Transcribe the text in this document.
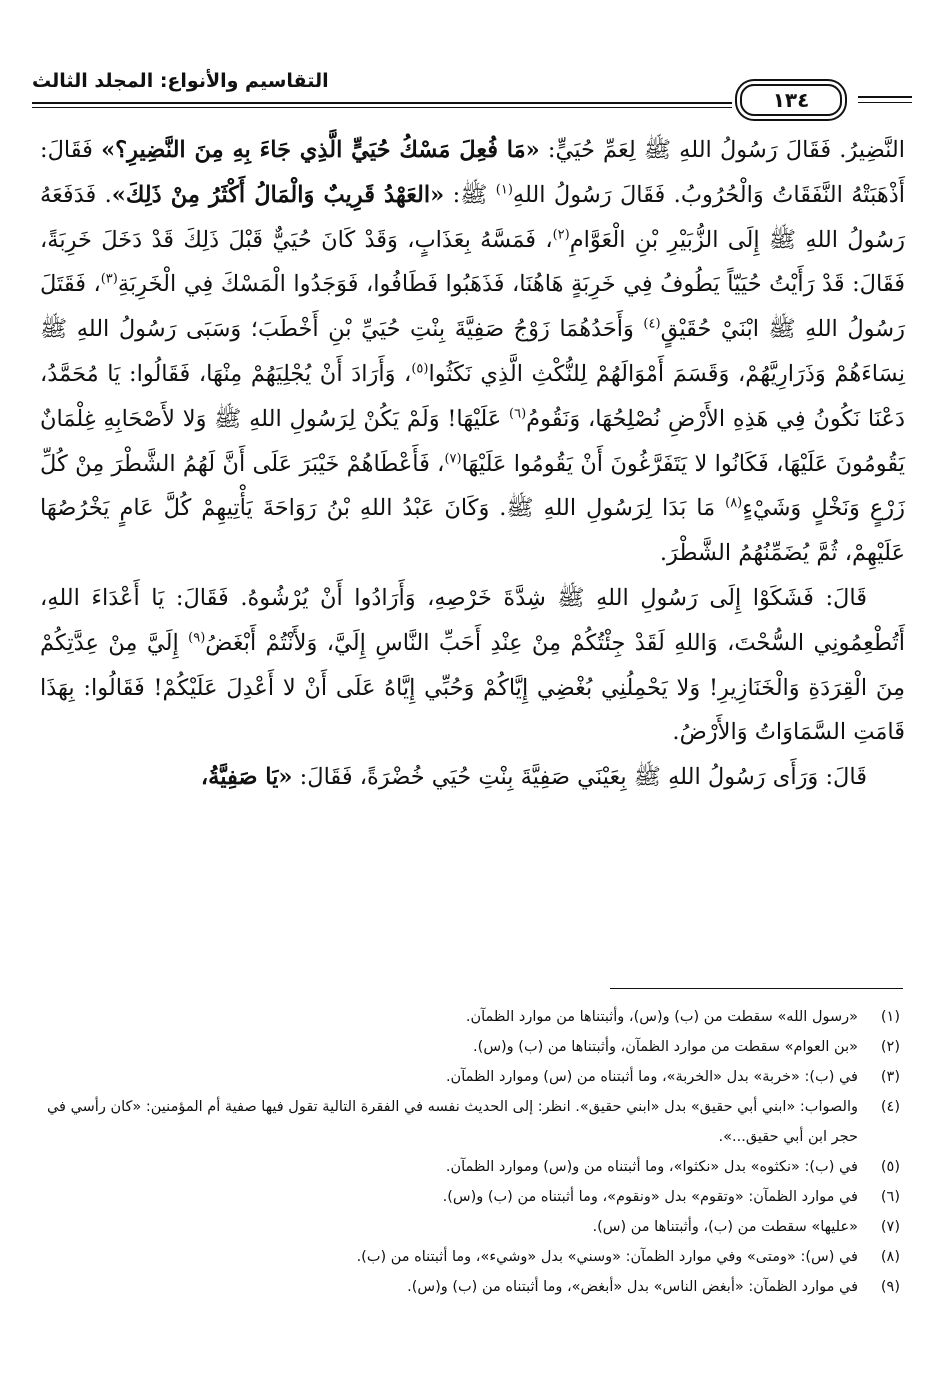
التقاسيم والأنواع: المجلد الثالث
١٣٤

النَّضِيرُ. فَقَالَ رَسُولُ اللهِ ﷺ لِعَمِّ حُيَيٍّ: «مَا فُعِلَ مَسْكُ حُيَيٍّ الَّذِي جَاءَ بِهِ مِنَ النَّضِيرِ؟» فَقَالَ: أَذْهَبَتْهُ النَّفَقَاتُ وَالْحُرُوبُ. فَقَالَ رَسُولُ اللهِ$^{(١)}$ ﷺ: «العَهْدُ قَرِيبٌ وَالْمَالُ أَكْثَرُ مِنْ ذَلِكَ». فَدَفَعَهُ رَسُولُ اللهِ ﷺ إِلَى الزُّبَيْرِ بْنِ الْعَوَّامِ$^{(٢)}$، فَمَسَّهُ بِعَذَابٍ، وَقَدْ كَانَ حُيَيٌّ قَبْلَ ذَلِكَ قَدْ دَخَلَ خَرِبَةً، فَقَالَ: قَدْ رَأَيْتُ حُيَيّاً يَطُوفُ فِي خَرِبَةٍ هَاهُنَا، فَذَهَبُوا فَطَافُوا، فَوَجَدُوا الْمَسْكَ فِي الْخَرِبَةِ$^{(٣)}$، فَقَتَلَ رَسُولُ اللهِ ﷺ ابْنَيْ حُقَيْقٍ$^{(٤)}$ وَأَحَدُهُمَا زَوْجُ صَفِيَّةَ بِنْتِ حُيَيِّ بْنِ أَخْطَبَ؛ وَسَبَى رَسُولُ اللهِ ﷺ نِسَاءَهُمْ وَذَرَارِيَّهُمْ، وَقَسَمَ أَمْوَالَهُمْ لِلنُّكْثِ الَّذِي نَكَثُوا$^{(٥)}$، وَأَرَادَ أَنْ يُجْلِيَهُمْ مِنْهَا، فَقَالُوا: يَا مُحَمَّدُ، دَعْنَا نَكُونُ فِي هَذِهِ الأَرْضِ نُصْلِحُهَا، وَنَقُومُ$^{(٦)}$ عَلَيْهَا! وَلَمْ يَكُنْ لِرَسُولِ اللهِ ﷺ وَلا لأَصْحَابِهِ غِلْمَانٌ يَقُومُونَ عَلَيْهَا، فَكَانُوا لا يَتَفَرَّغُونَ أَنْ يَقُومُوا عَلَيْهَا$^{(٧)}$، فَأَعْطَاهُمْ خَيْبَرَ عَلَى أَنَّ لَهُمُ الشَّطْرَ مِنْ كُلِّ زَرْعٍ وَنَخْلٍ وَشَيْءٍ$^{(٨)}$ مَا بَدَا لِرَسُولِ اللهِ ﷺ. وَكَانَ عَبْدُ اللهِ بْنُ رَوَاحَةَ يَأْتِيهِمْ كُلَّ عَامٍ يَخْرُصُهَا عَلَيْهِمْ، ثُمَّ يُضَمِّنُهُمُ الشَّطْرَ.

قَالَ: فَشَكَوْا إِلَى رَسُولِ اللهِ ﷺ شِدَّةَ خَرْصِهِ، وَأَرَادُوا أَنْ يُرْشُوهُ. فَقَالَ: يَا أَعْدَاءَ اللهِ، أَتُطْعِمُونِي السُّحْتَ، وَاللهِ لَقَدْ جِئْتُكُمْ مِنْ عِنْدِ أَحَبِّ النَّاسِ إِلَيَّ، وَلأَنْتُمْ أَبْغَضُ$^{(٩)}$ إِلَيَّ مِنْ عِدَّتِكُمْ مِنَ الْقِرَدَةِ وَالْخَنَازِيرِ! وَلا يَحْمِلُنِي بُغْضِي إِيَّاكُمْ وَحُبِّي إِيَّاهُ عَلَى أَنْ لا أَعْدِلَ عَلَيْكُمْ! فَقَالُوا: بِهَذَا قَامَتِ السَّمَاوَاتُ وَالأَرْضُ.

قَالَ: وَرَأَى رَسُولُ اللهِ ﷺ بِعَيْنَي صَفِيَّةَ بِنْتِ حُيَي خُضْرَةً، فَقَالَ: «يَا صَفِيَّةُ،

(١)
«رسول الله» سقطت من (ب) و(س)، وأثبتناها من موارد الظمآن.
(٢)
«بن العوام» سقطت من موارد الظمآن، وأثبتناها من (ب) و(س).
(٣)
في (ب): «خربة» بدل «الخربة»، وما أثبتناه من (س) وموارد الظمآن.
(٤)
والصواب: «ابني أبي حقيق» بدل «ابني حقيق». انظر: إلى الحديث نفسه في الفقرة التالية تقول فيها صفية أم المؤمنين: «كان رأسي في حجر ابن أبي حقيق...».
(٥)
في (ب): «نكثوه» بدل «نكثوا»، وما أثبتناه من و(س) وموارد الظمآن.
(٦)
في موارد الظمآن: «وتقوم» بدل «ونقوم»، وما أثبتناه من (ب) و(س).
(٧)
«عليها» سقطت من (ب)، وأثبتناها من (س).
(٨)
في (س): «ومتى» وفي موارد الظمآن: «وسني» بدل «وشيء»، وما أثبتناه من (ب).
(٩)
في موارد الظمآن: «أبغض الناس» بدل «أبغض»، وما أثبتناه من (ب) و(س).
